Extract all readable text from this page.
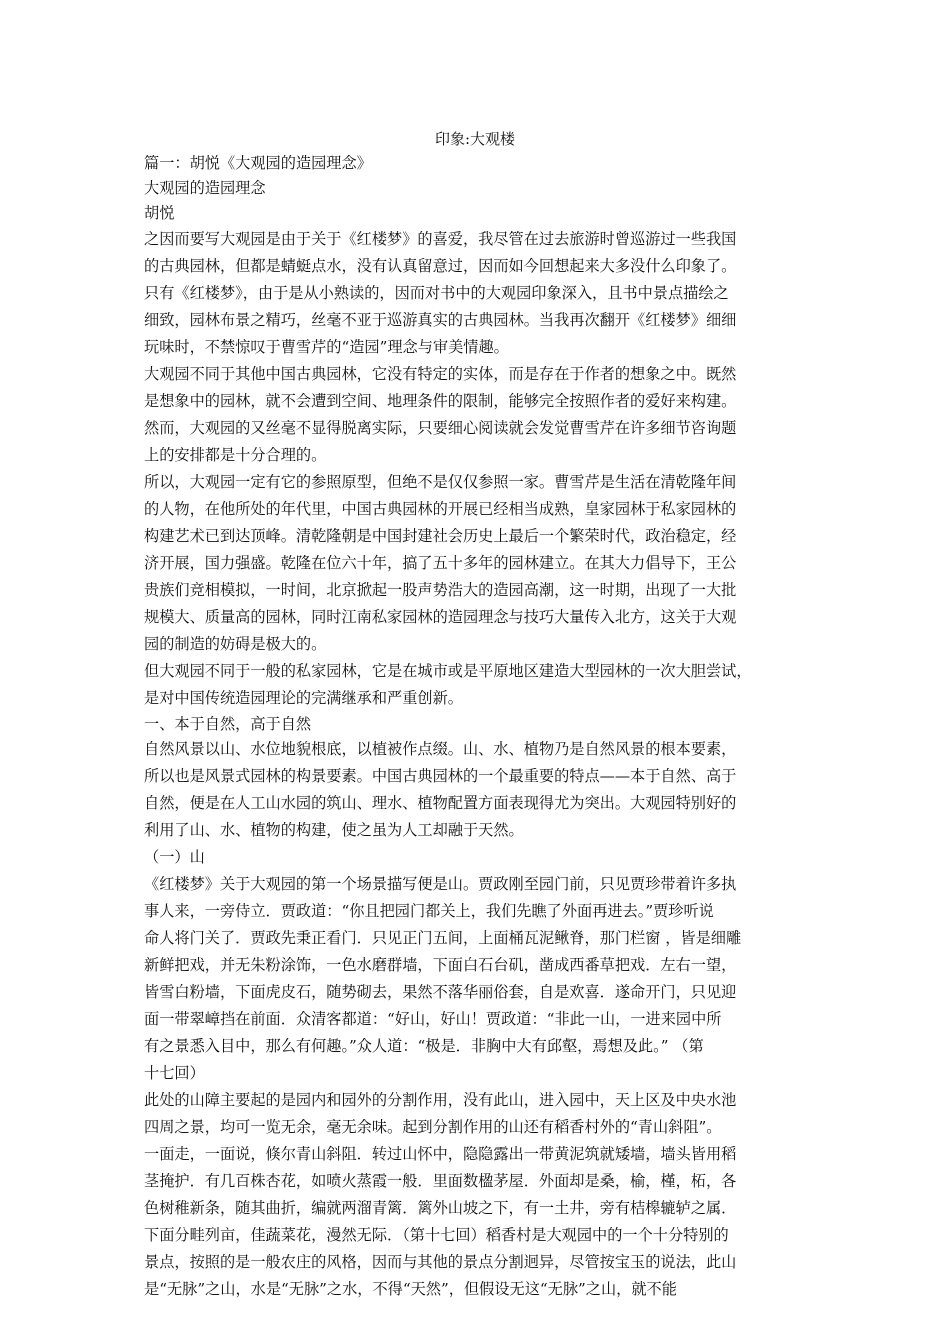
印象:大观楼
篇一：胡悦《大观园的造园理念》
大观园的造园理念
胡悦
之因而要写大观园是由于关于《红楼梦》的喜爱，我尽管在过去旅游时曾巡游过一些我国
的古典园林，但都是蜻蜓点水，没有认真留意过，因而如今回想起来大多没什么印象了。
只有《红楼梦》，由于是从小熟读的，因而对书中的大观园印象深入，且书中景点描绘之
细致，园林布景之精巧，丝毫不亚于巡游真实的古典园林。当我再次翻开《红楼梦》细细
玩味时，不禁惊叹于曹雪芹的“造园”理念与审美情趣。
大观园不同于其他中国古典园林，它没有特定的实体，而是存在于作者的想象之中。既然
是想象中的园林，就不会遭到空间、地理条件的限制，能够完全按照作者的爱好来构建。
然而，大观园的又丝毫不显得脱离实际，只要细心阅读就会发觉曹雪芹在许多细节咨询题
上的安排都是十分合理的。
所以，大观园一定有它的参照原型，但绝不是仅仅参照一家。曹雪芹是生活在清乾隆年间
的人物，在他所处的年代里，中国古典园林的开展已经相当成熟，皇家园林于私家园林的
构建艺术已到达顶峰。清乾隆朝是中国封建社会历史上最后一个繁荣时代，政治稳定，经
济开展，国力强盛。乾隆在位六十年，搞了五十多年的园林建立。在其大力倡导下，王公
贵族们竞相模拟，一时间，北京掀起一股声势浩大的造园高潮，这一时期，出现了一大批
规模大、质量高的园林，同时江南私家园林的造园理念与技巧大量传入北方，这关于大观
园的制造的妨碍是极大的。
但大观园不同于一般的私家园林，它是在城市或是平原地区建造大型园林的一次大胆尝试，
是对中国传统造园理论的完满继承和严重创新。
一、本于自然，高于自然
自然风景以山、水位地貌根底，以植被作点缀。山、水、植物乃是自然风景的根本要素，
所以也是风景式园林的构景要素。中国古典园林的一个最重要的特点——本于自然、高于
自然，便是在人工山水园的筑山、理水、植物配置方面表现得尤为突出。大观园特别好的
利用了山、水、植物的构建，使之虽为人工却融于天然。
（一）山
《红楼梦》关于大观园的第一个场景描写便是山。贾政刚至园门前，只见贾珍带着许多执
事人来，一旁侍立．贾政道：“你且把园门都关上，我们先瞧了外面再进去。”贾珍听说
命人将门关了．贾政先秉正看门．只见正门五间，上面桶瓦泥鳅脊，那门栏窗 ，皆是细雕
新鲜把戏，并无朱粉涂饰，一色水磨群墙，下面白石台矶，凿成西番草把戏．左右一望，
皆雪白粉墙，下面虎皮石，随势砌去，果然不落华丽俗套，自是欢喜．遂命开门，只见迎
面一带翠嶂挡在前面．众清客都道：“好山，好山！贾政道：“非此一山，一进来园中所
有之景悉入目中，那么有何趣。”众人道：“极是．非胸中大有邱壑，焉想及此。” （第
十七回）
此处的山障主要起的是园内和园外的分割作用，没有此山，进入园中，天上区及中央水池
四周之景，均可一览无余，毫无余味。起到分割作用的山还有稻香村外的“青山斜阻”。
一面走，一面说，倏尔青山斜阻．转过山怀中，隐隐露出一带黄泥筑就矮墙，墙头皆用稻
茎掩护．有几百株杏花，如喷火蒸霞一般．里面数楹茅屋．外面却是桑，榆，槿，柘，各
色树稚新条，随其曲折，编就两溜青篱．篱外山坡之下，有一土井，旁有桔槔辘轳之属．
下面分畦列亩，佳蔬菜花，漫然无际．（第十七回）稻香村是大观园中的一个十分特别的
景点，按照的是一般农庄的风格，因而与其他的景点分割迥异，尽管按宝玉的说法，此山
是“无脉”之山，水是“无脉”之水，不得“天然”，但假设无这“无脉”之山，就不能
